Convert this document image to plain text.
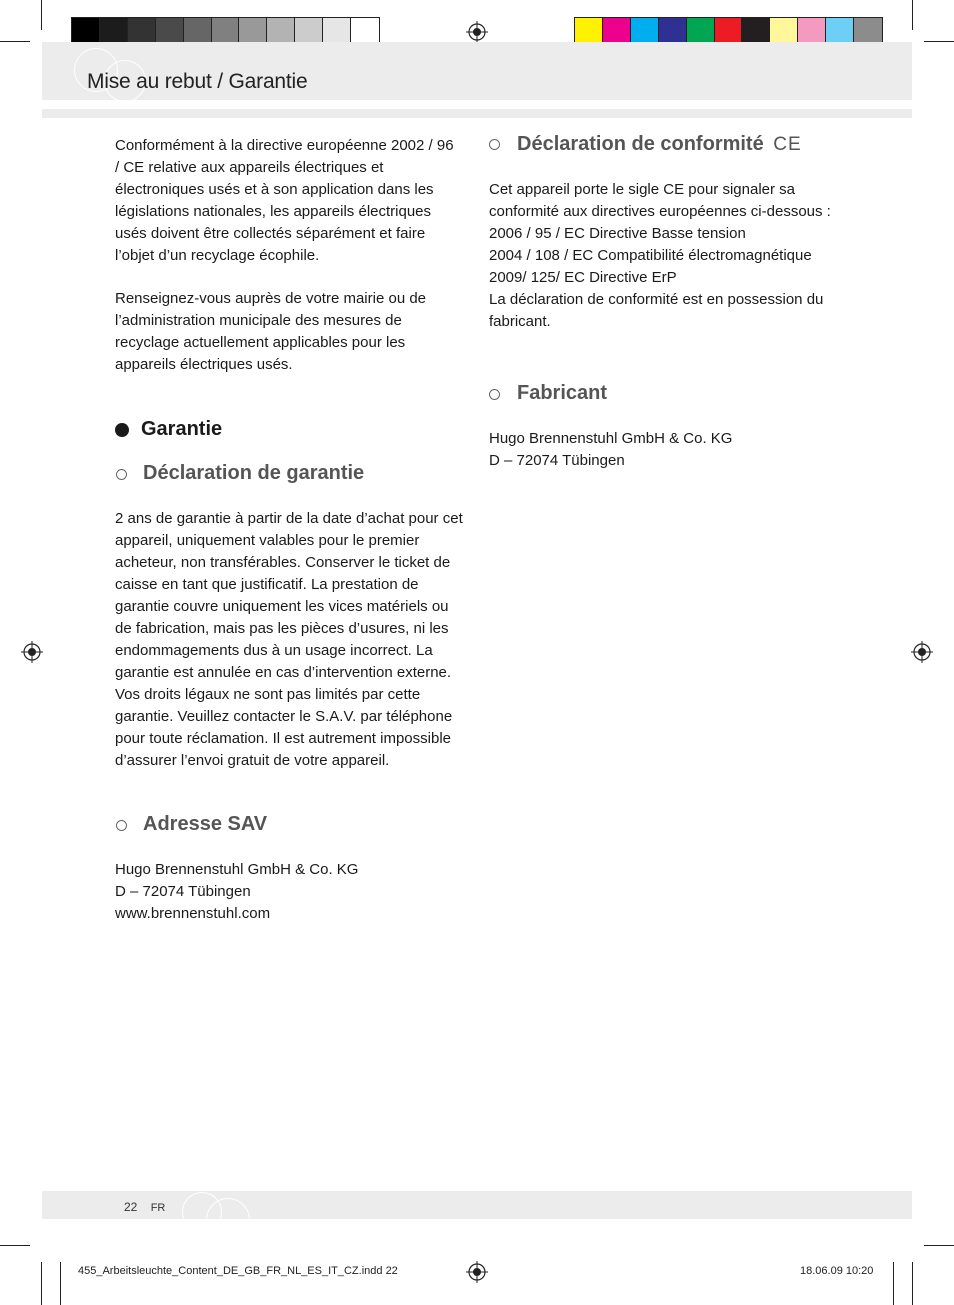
Mise au rebut / Garantie
Conformément à la directive européenne 2002 / 96 / CE relative aux appareils électriques et électroniques usés et à son application dans les législations nationales, les appareils électriques usés doivent être collectés séparément et faire l’objet d’un recyclage écophile.
Renseignez-vous auprès de votre mairie ou de l’administration municipale des mesures de recyclage actuellement applicables pour les appareils électriques usés.
Garantie
Déclaration de garantie
2 ans de garantie à partir de la date d’achat pour cet appareil, uniquement valables pour le premier acheteur, non transférables. Conserver le ticket de caisse en tant que justificatif. La prestation de garantie couvre uniquement les vices matériels ou de fabrication, mais pas les pièces d’usures, ni les endommagements dus à un usage incorrect. La garantie est annulée en cas d’intervention externe. Vos droits légaux ne sont pas limités par cette garantie. Veuillez contacter le S.A.V. par téléphone pour toute réclamation. Il est autrement impossible d’assurer l’envoi gratuit de votre appareil.
Adresse SAV
Hugo Brennenstuhl GmbH & Co. KG
D – 72074 Tübingen
www.brennenstuhl.com
Déclaration de conformité CE
Cet appareil porte le sigle CE pour signaler sa conformité aux directives européennes ci-dessous :
2006 / 95 / EC Directive Basse tension
2004 / 108 / EC Compatibilité électromagnétique
2009/ 125/ EC Directive ErP
La déclaration de conformité est en possession du fabricant.
Fabricant
Hugo Brennenstuhl GmbH & Co. KG
D – 72074 Tübingen
22 FR
455_Arbeitsleuchte_Content_DE_GB_FR_NL_ES_IT_CZ.indd 22	18.06.09 10:20
